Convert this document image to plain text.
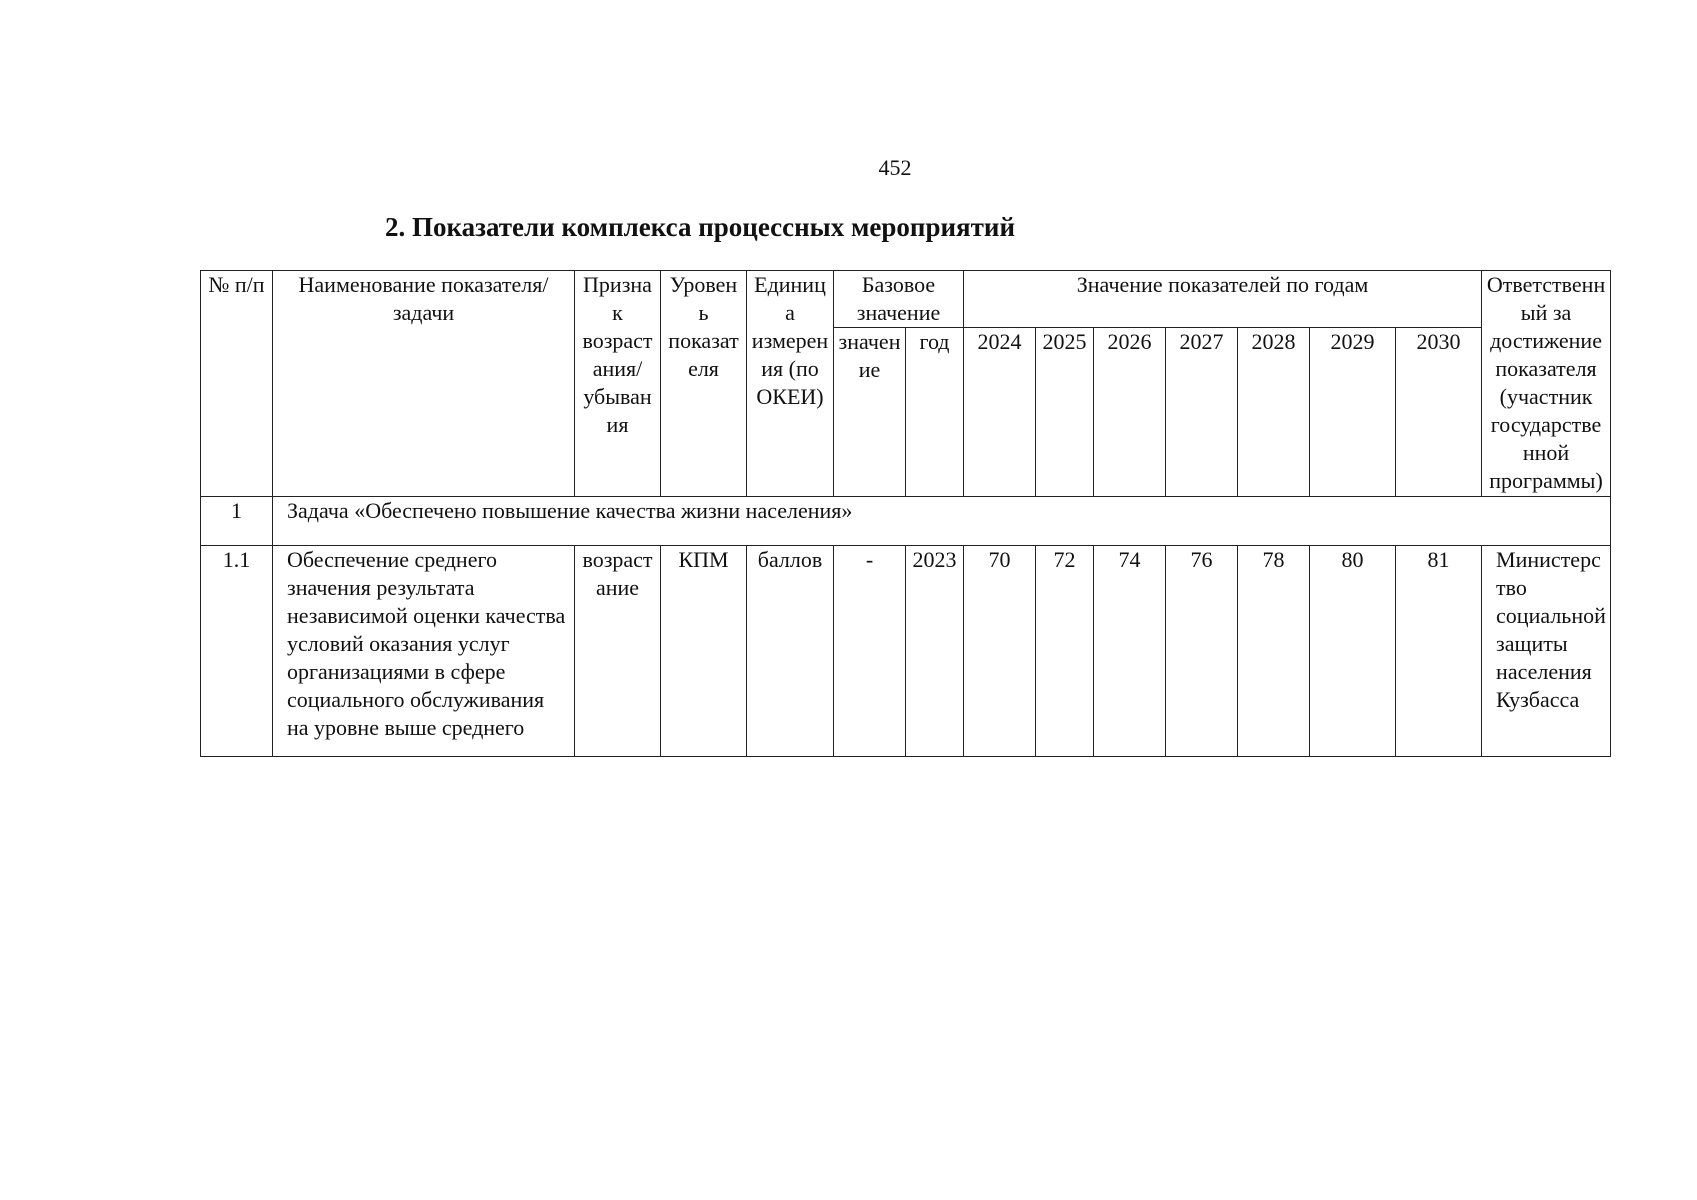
452
2. Показатели комплекса процессных мероприятий
№ п/п	Наименование показателя/задачи	Признак возрастания/ убывания	Уровень показателя	Единица измерения (по ОКЕИ)	Базовое значение		Значение показателей по годам							Ответственный за достижение показателя (участник государственной программы)
					значение	год	2024	2025	2026	2027	2028	2029	2030	
1	Задача «Обеспечено повышение качества жизни населения»													
1.1	Обеспечение среднего значения результата независимой оценки качества условий оказания услуг организациями в сфере социального обслуживания на уровне выше среднего	возрастание	КПМ	баллов	-	2023	70	72	74	76	78	80	81	Министерство социальной защиты населения Кузбасса
